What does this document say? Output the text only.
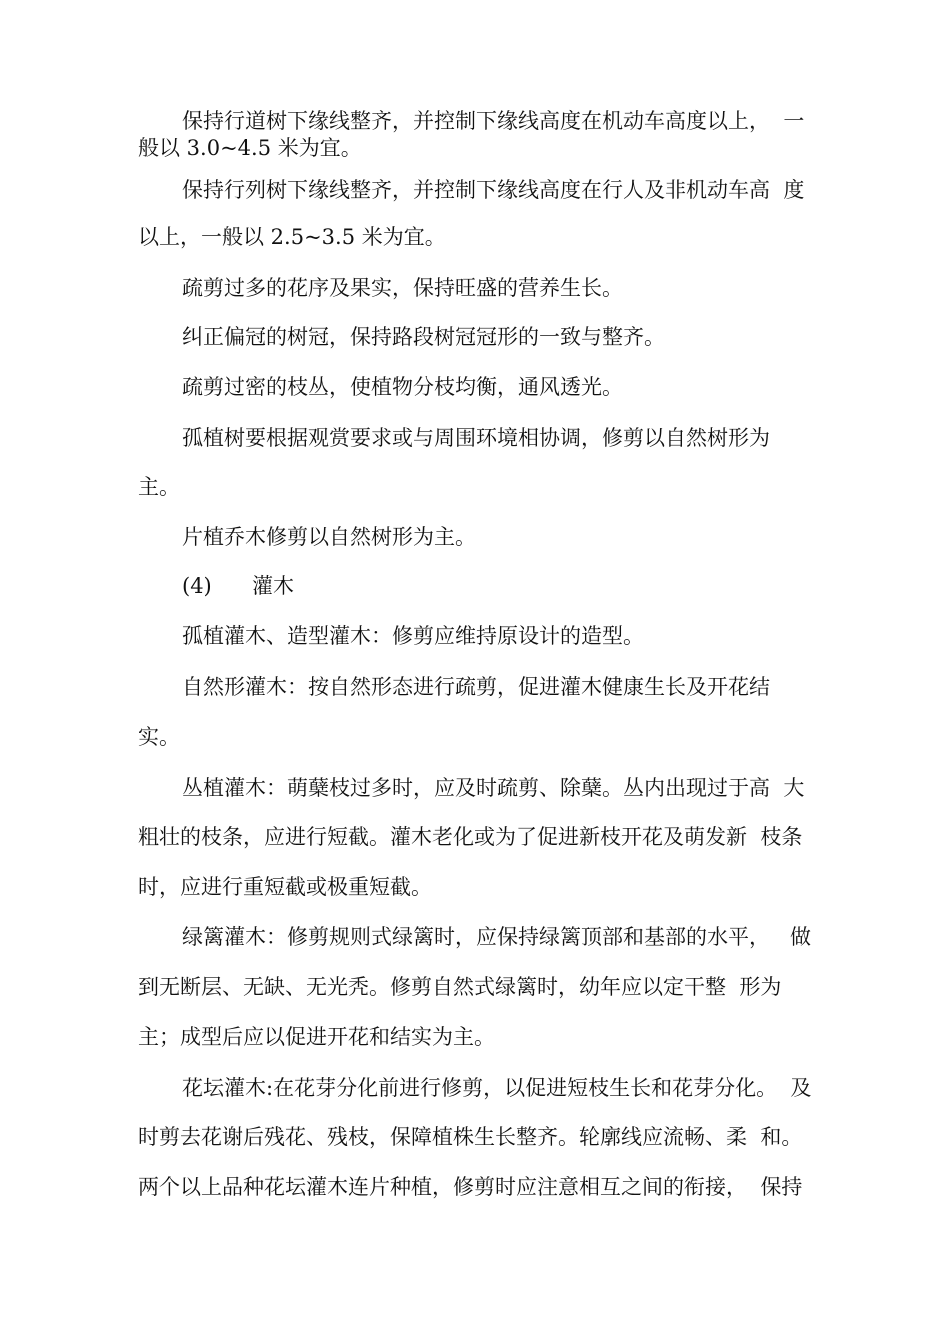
保持行道树下缘线整齐，并控制下缘线高度在机动车高度以上，  一
般以 3.0~4.5 米为宜。
保持行列树下缘线整齐，并控制下缘线高度在行人及非机动车高  度
以上，一般以 2.5~3.5 米为宜。
疏剪过多的花序及果实，保持旺盛的营养生长。
纠正偏冠的树冠，保持路段树冠冠形的一致与整齐。
疏剪过密的枝丛，使植物分枝均衡，通风透光。
孤植树要根据观赏要求或与周围环境相协调，修剪以自然树形为
主。
片植乔木修剪以自然树形为主。
(4) 灌木
孤植灌木、造型灌木：修剪应维持原设计的造型。
自然形灌木：按自然形态进行疏剪，促进灌木健康生长及开花结
实。
丛植灌木：萌蘖枝过多时，应及时疏剪、除蘖。丛内出现过于高  大
粗壮的枝条，应进行短截。灌木老化或为了促进新枝开花及萌发新  枝条
时，应进行重短截或极重短截。
绿篱灌木：修剪规则式绿篱时，应保持绿篱顶部和基部的水平，   做
到无断层、无缺、无光秃。修剪自然式绿篱时，幼年应以定干整  形为
主；成型后应以促进开花和结实为主。
花坛灌木:在花芽分化前进行修剪，以促进短枝生长和花芽分化。  及
时剪去花谢后残花、残枝，保障植株生长整齐。轮廓线应流畅、柔  和。
两个以上品种花坛灌木连片种植，修剪时应注意相互之间的衔接，  保持
